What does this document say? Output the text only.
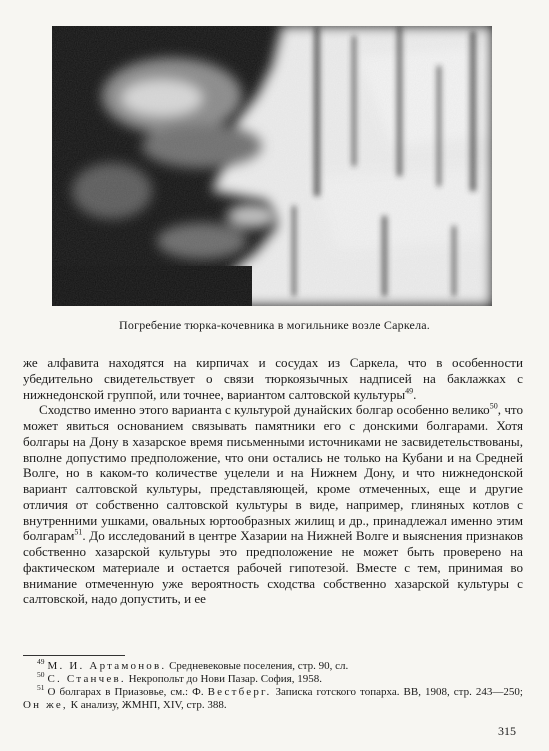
Погребение тюрка-кочевника в могильнике возле Саркела.

же алфавита находятся на кирпичах и сосудах из Саркела, что в особенности убедительно свидетельствует о связи тюркоязычных надписей на баклажках с нижнедонской группой, или точнее, вариантом салтовской культуры$^{49}$.

Сходство именно этого варианта с культурой дунайских болгар особенно велико$^{50}$, что может явиться основанием связывать памятники его с донскими болгарами. Хотя болгары на Дону в хазарское время письменными источниками не засвидетельствованы, вполне допустимо предположение, что они остались не только на Кубани и на Средней Волге, но в каком-то количестве уцелели и на Нижнем Дону, и что нижнедонской вариант салтовской культуры, представляющей, кроме отмеченных, еще и другие отличия от собственно салтовской культуры в виде, например, глиняных котлов с внутренними ушками, овальных юртообразных жилищ и др., принадлежал именно этим болгарам$^{51}$. До исследований в центре Хазарии на Нижней Волге и выяснения признаков собственно хазарской культуры это предположение не может быть проверено на фактическом материале и остается рабочей гипотезой. Вместе с тем, принимая во внимание отмеченную уже вероятность сходства собственно хазарской культуры с салтовской, надо допустить, и ее

$^{49}$ М. И. Артамонов. Средневековые поселения, стр. 90, сл.
$^{50}$ С. Станчев. Некропольт до Нови Пазар. София, 1958.
$^{51}$ О болгарах в Приазовье, см.: Ф. Вестберг. Записка готского топарха. ВВ, 1908, стр. 243—250; Он же, К анализу, ЖМНП, XIV, стр. 388.
315
